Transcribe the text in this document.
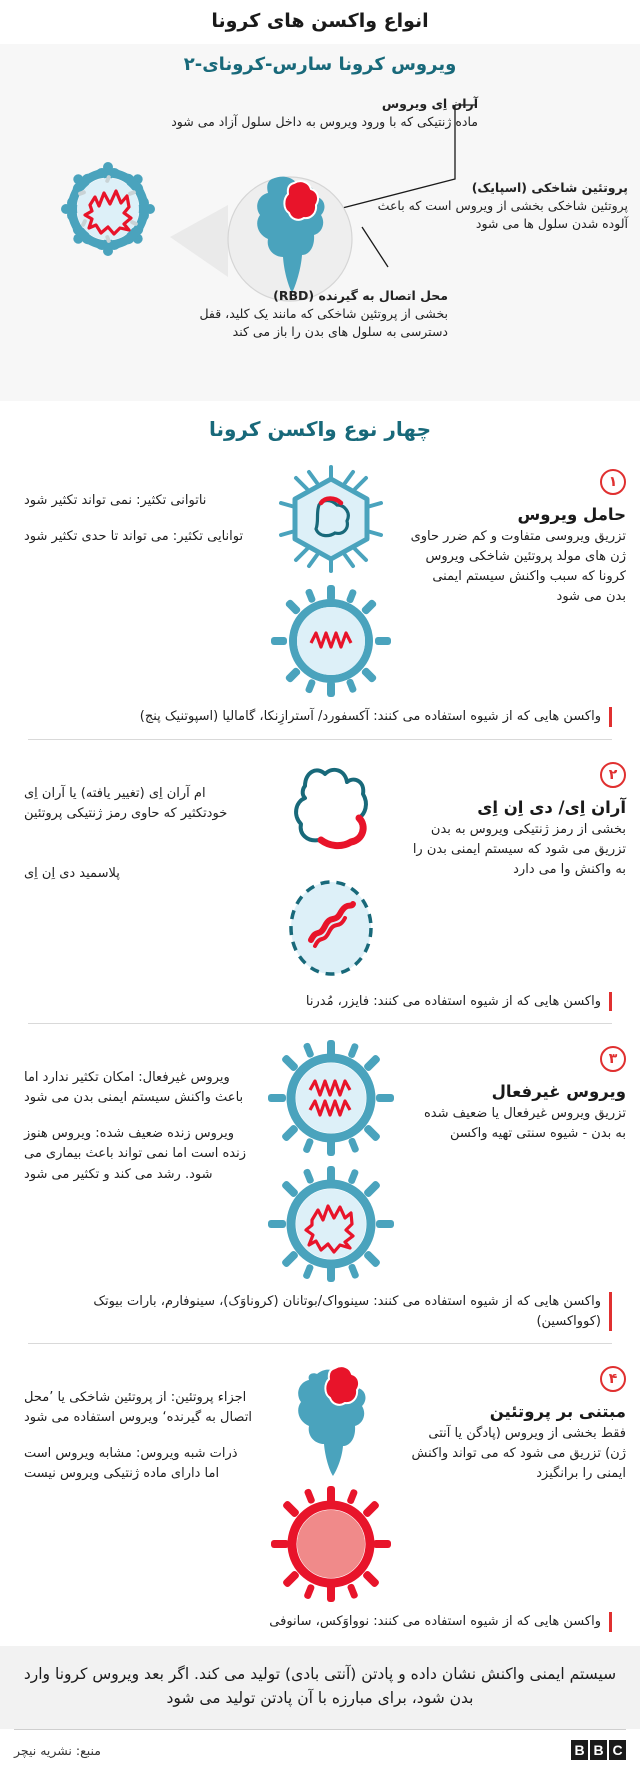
انواع واکسن های کرونا
ویروس کرونا سارس-کرونای-۲
آران اِی ویروس
ماده ژنتیکی که با ورود ویروس به داخل سلول آزاد می شود
پروتئین شاخکی (اسپایک)
پروتئین شاخکی بخشی از ویروس است که باعث آلوده شدن سلول ها می شود
محل اتصال به گیرنده (RBD)
بخشی از پروتئین شاخکی که مانند یک کلید، قفل دسترسی به سلول های بدن را باز می کند
چهار نوع واکسن کرونا
۱
حامل ویروس
تزریق ویروسی متفاوت و کم ضرر حاوی ژن های مولد پروتئین شاخکی ویروس کرونا که سبب واکنش سیستم ایمنی بدن می شود
ناتوانی تکثیر: نمی تواند تکثیر شود
توانایی تکثیر: می تواند تا حدی تکثیر شود
واکسن هایی که از شیوه استفاده می کنند: آکسفورد/ آسترازِنکا، گامالیا (اسپوتنیک پنج)
۲
آران اِی/ دی اِن اِی
بخشی از رمز ژنتیکی ویروس به بدن تزریق می شود که سیستم ایمنی بدن را به واکنش وا می دارد
ام آران اِی (تغییر یافته) یا آران اِی خودتکثیر که حاوی رمز ژنتیکی پروتئین
پلاسمید دی اِن اِی
واکسن هایی که از شیوه استفاده می کنند: فایزر، مُدرنا
۳
ویروس غیرفعال
تزریق ویروس غیرفعال یا ضعیف شده به بدن - شیوه سنتی تهیه واکسن
ویروس غیرفعال: امکان تکثیر ندارد اما باعث واکنش سیستم ایمنی بدن می شود
ویروس زنده ضعیف شده: ویروس هنوز زنده است اما نمی تواند باعث بیماری می شود. رشد می کند و تکثیر می شود
واکسن هایی که از شیوه استفاده می کنند: سینوواک/بوتانان (کروناوَک)، سینوفارم، بارات بیوتک (کوواکسین)
۴
مبتنی بر پروتئین
فقط بخشی از ویروس (پادگن یا آنتی ژن) تزریق می شود که می تواند واکنش ایمنی را برانگیزد
اجزاء پروتئین: از پروتئین شاخکی یا ’محل اتصال به گیرنده‘ ویروس استفاده می شود
ذرات شبه ویروس: مشابه ویروس است اما دارای ماده ژنتیکی ویروس نیست
واکسن هایی که از شیوه استفاده می کنند: نوواوَکس، سانوفی
سیستم ایمنی واکنش نشان داده و پادتن (آنتی بادی) تولید می کند. اگر بعد ویروس کرونا وارد بدن شود، برای مبارزه با آن پادتن تولید می شود
منبع: نشریه نیچر	B B C
